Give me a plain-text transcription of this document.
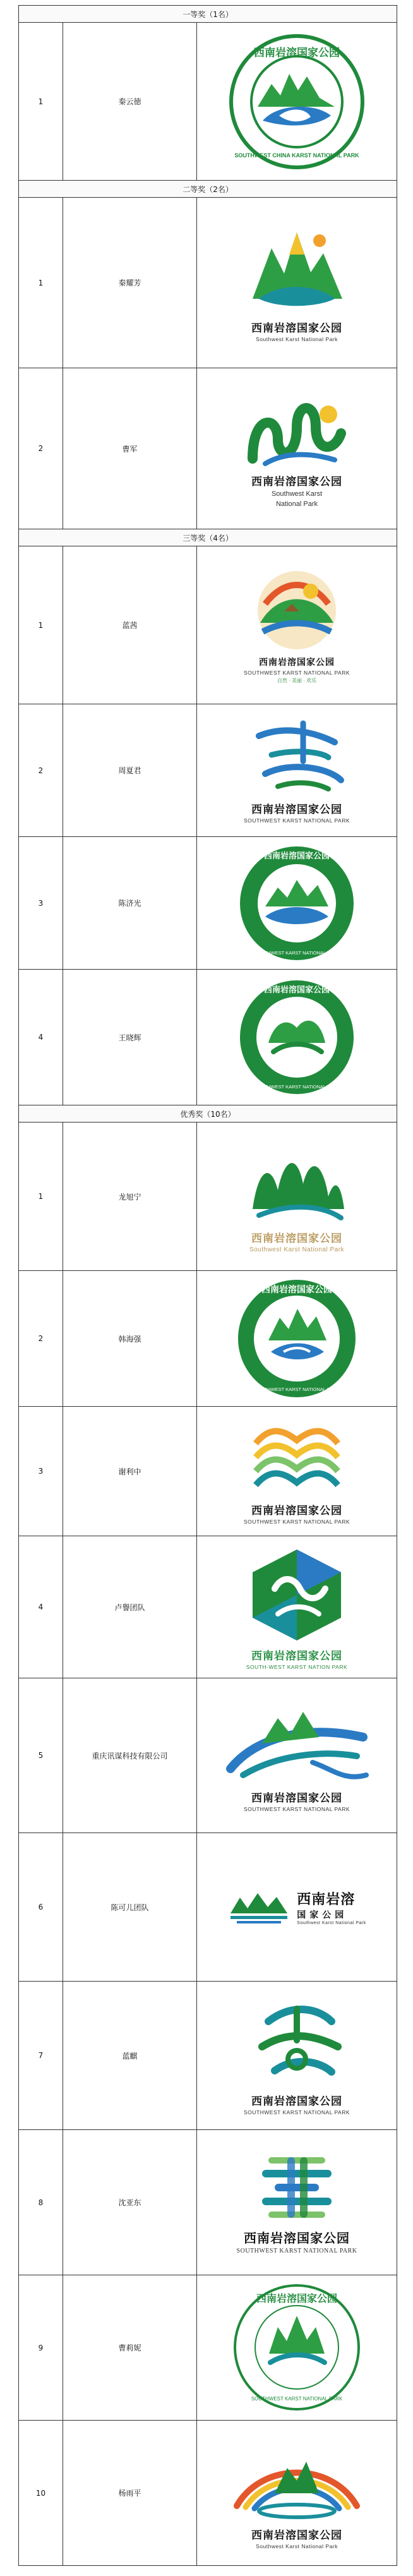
一等奖（1名）		
1	秦云徳	西南岩溶国家公园
SOUTHWEST CHINA KARST NATIONAL PARK

二等奖（2名）		
1	秦耀芳	西南岩溶国家公园
Southwest Karst National Park

2	曹军	西南岩溶国家公园
Southwest Karst
National Park

三等奖（4名）		
1	蓝茜	西南岩溶国家公园
SOUTHWEST KARST NATIONAL PARK
自然 · 美丽 · 欢乐

2	周夏君	西南岩溶国家公园
SOUTHWEST KARST NATIONAL PARK

3	陈济光	西南岩溶国家公园
SOUTHWEST KARST NATIONAL PARK

4	王晓辉	西南岩溶国家公园
SOUTHWEST KARST NATIONAL PARK

优秀奖（10名）		
1	龙旭宁	西南岩溶国家公园
Southwest Karst National Park

2	韩海强	西南岩溶国家公园
SOUTHWEST KARST NATIONAL PARK

3	谢利中	西南岩溶国家公园
SOUTHWEST KARST NATIONAL PARK

4	卢譽团队	西南岩溶国家公园
SOUTH-WEST KARST NATION PARK

5	重庆讯谋科技有限公司	西南岩溶国家公园
SOUTHWEST KARST NATIONAL PARK

6	陈可儿团队	西南岩溶
国家公园
Southwest Karst National Park

7	蓝麒	西南岩溶国家公园
SOUTHWEST KARST NATIONAL PARK

8	沈亚东	西南岩溶国家公园
SOUTHWEST KARST NATIONAL PARK

9	曹莉妮	西南岩溶国家公园
SOUTHWEST KARST NATIONAL PARK

10	杨雨平	西南岩溶国家公园
Southwest Karst National Park
